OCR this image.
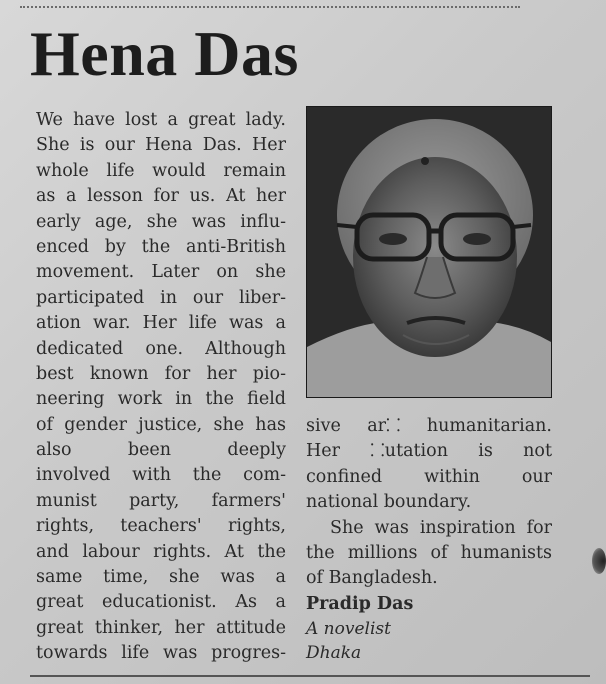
Hena Das
We have lost a great lady.
She is our Hena Das. Her
whole life would remain
as a lesson for us. At her
early age, she was influ-
enced by the anti-British
movement. Later on she
participated in our liber-
ation war. Her life was a
dedicated one. Although
best known for her pio-
neering work in the field
of gender justice, she has
also been deeply
involved with the com-
munist party, farmers'
rights, teachers' rights,
and labour rights. At the
same time, she was a
great educationist. As a
great thinker, her attitude
towards life was progres-
sive ar⸬ humanitarian.
Her ⸬utation is not
confined within our
national boundary.
She was inspiration for
the millions of humanists
of Bangladesh.
Pradip Das
A novelist
Dhaka
